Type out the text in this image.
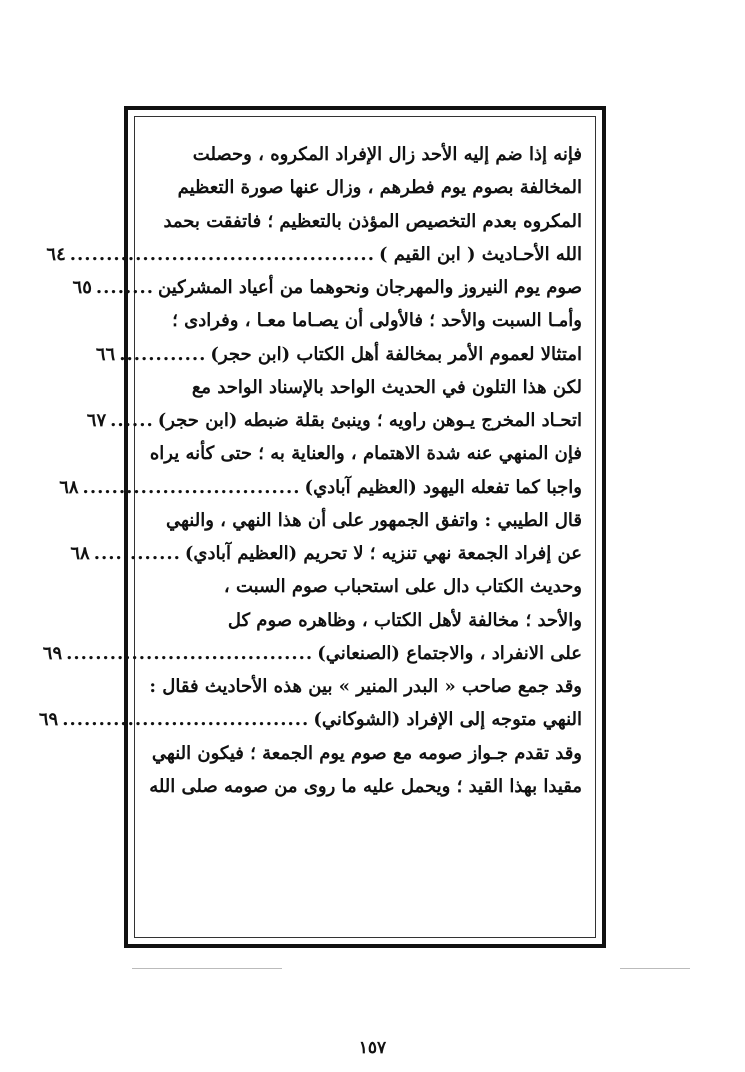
فإنه إذا ضم إليه الأحد زال الإفراد المكروه ، وحصلت
المخالفة بصوم يوم فطرهم ، وزال عنها صورة التعظيم
المكروه بعدم التخصيص المؤذن بالتعظيم ؛ فاتفقت بحمد
الله الأحـاديث ( ابن القيم )
..........................................
٦٤
صوم يوم النيروز والمهرجان ونحوهما من أعياد المشركين
........
٦٥
وأمـا السبت والأحد ؛ فالأولى أن يصـاما معـا ، وفرادى ؛
امتثالا لعموم الأمر بمخالفة أهل الكتاب (ابن حجر)
............
٦٦
لكن هذا التلون في الحديث الواحد بالإسناد الواحد مع
اتحـاد المخرج يـوهن راويه ؛ وينبئ بقلة ضبطه (ابن حجر)
......
٦٧
فإن المنهي عنه شدة الاهتمام ، والعناية به ؛ حتى كأنه يراه
واجبا كما تفعله اليهود (العظيم آبادي)
..............................
٦٨
قال الطيبي : واتفق الجمهور على أن هذا النهي ، والنهي
عن إفراد الجمعة نهي تنزيه ؛ لا تحريم (العظيم آبادي)
............
٦٨
وحديث الكتاب دال على استحباب صوم السبت ،
والأحد ؛ مخالفة لأهل الكتاب ، وظاهره صوم كل
على الانفراد ، والاجتماع (الصنعاني)
..................................
٦٩
وقد جمع صاحب « البدر المنير » بين هذه الأحاديث فقال :
النهي متوجه إلى الإفراد (الشوكاني)
..................................
٦٩
وقد تقدم جـواز صومه مع صوم يوم الجمعة ؛ فيكون النهي
مقيدا بهذا القيد ؛ ويحمل عليه ما روى من صومه صلى الله
١٥٧
